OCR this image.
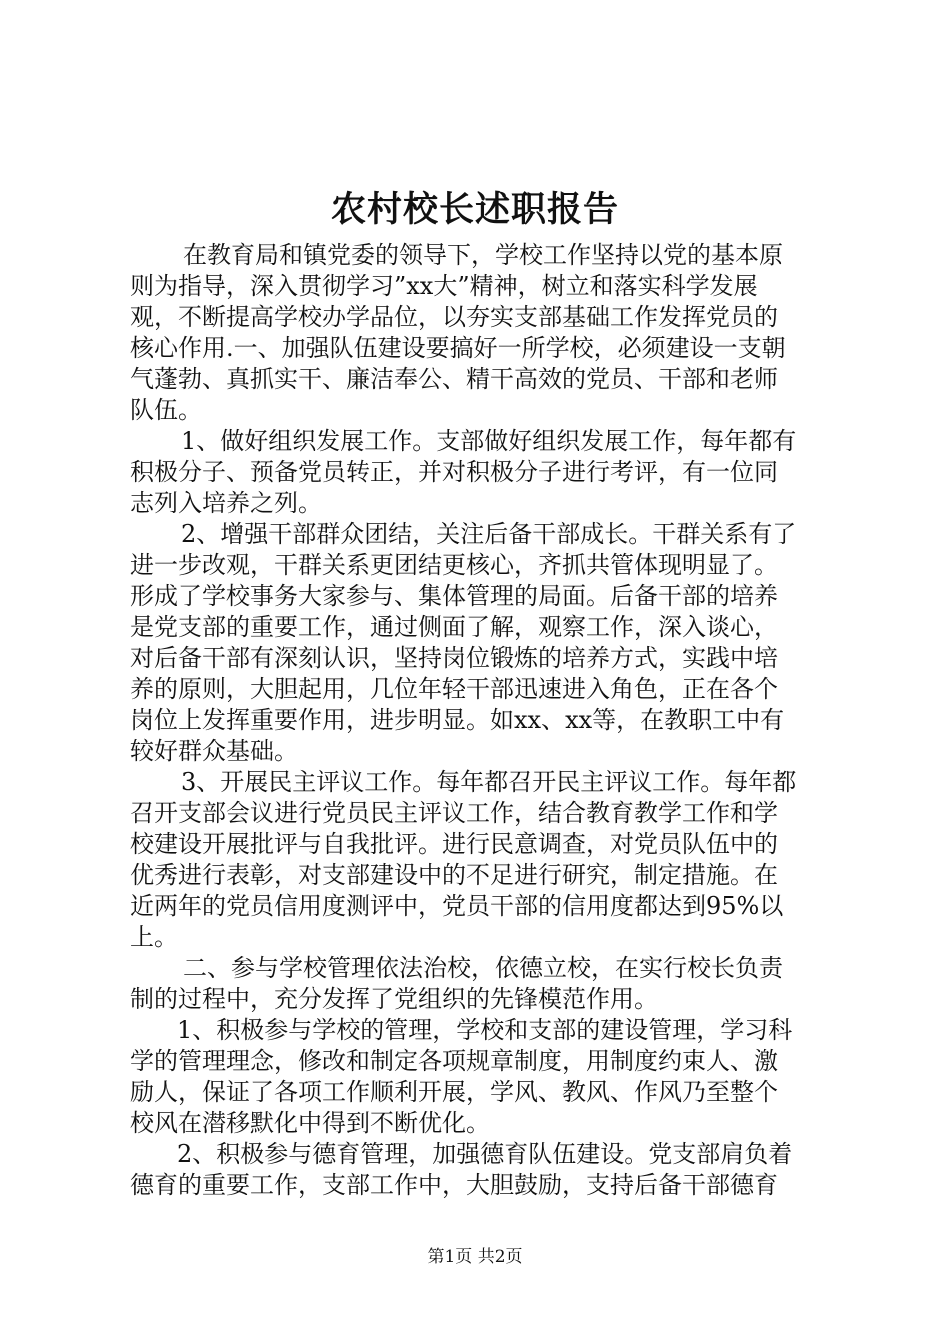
农村校长述职报告
在教育局和镇党委的领导下，学校工作坚持以党的基本原
则为指导，深入贯彻学习”xx大”精神，树立和落实科学发展
观，不断提高学校办学品位，以夯实支部基础工作发挥党员的
核心作用.一、加强队伍建设要搞好一所学校，必须建设一支朝
气蓬勃、真抓实干、廉洁奉公、精干高效的党员、干部和老师
队伍。
1、做好组织发展工作。支部做好组织发展工作，每年都有
积极分子、预备党员转正，并对积极分子进行考评，有一位同
志列入培养之列。
2、增强干部群众团结，关注后备干部成长。干群关系有了
进一步改观，干群关系更团结更核心，齐抓共管体现明显了。
形成了学校事务大家参与、集体管理的局面。后备干部的培养
是党支部的重要工作，通过侧面了解，观察工作，深入谈心，
对后备干部有深刻认识，坚持岗位锻炼的培养方式，实践中培
养的原则，大胆起用，几位年轻干部迅速进入角色，正在各个
岗位上发挥重要作用，进步明显。如xx、xx等，在教职工中有
较好群众基础。
3、开展民主评议工作。每年都召开民主评议工作。每年都
召开支部会议进行党员民主评议工作，结合教育教学工作和学
校建设开展批评与自我批评。进行民意调查，对党员队伍中的
优秀进行表彰，对支部建设中的不足进行研究，制定措施。在
近两年的党员信用度测评中，党员干部的信用度都达到95%以
上。
二、参与学校管理依法治校，依德立校，在实行校长负责
制的过程中，充分发挥了党组织的先锋模范作用。
1、积极参与学校的管理，学校和支部的建设管理，学习科
学的管理理念，修改和制定各项规章制度，用制度约束人、激
励人，保证了各项工作顺利开展，学风、教风、作风乃至整个
校风在潜移默化中得到不断优化。
2、积极参与德育管理，加强德育队伍建设。党支部肩负着
德育的重要工作，支部工作中，大胆鼓励，支持后备干部德育
第1页 共2页
